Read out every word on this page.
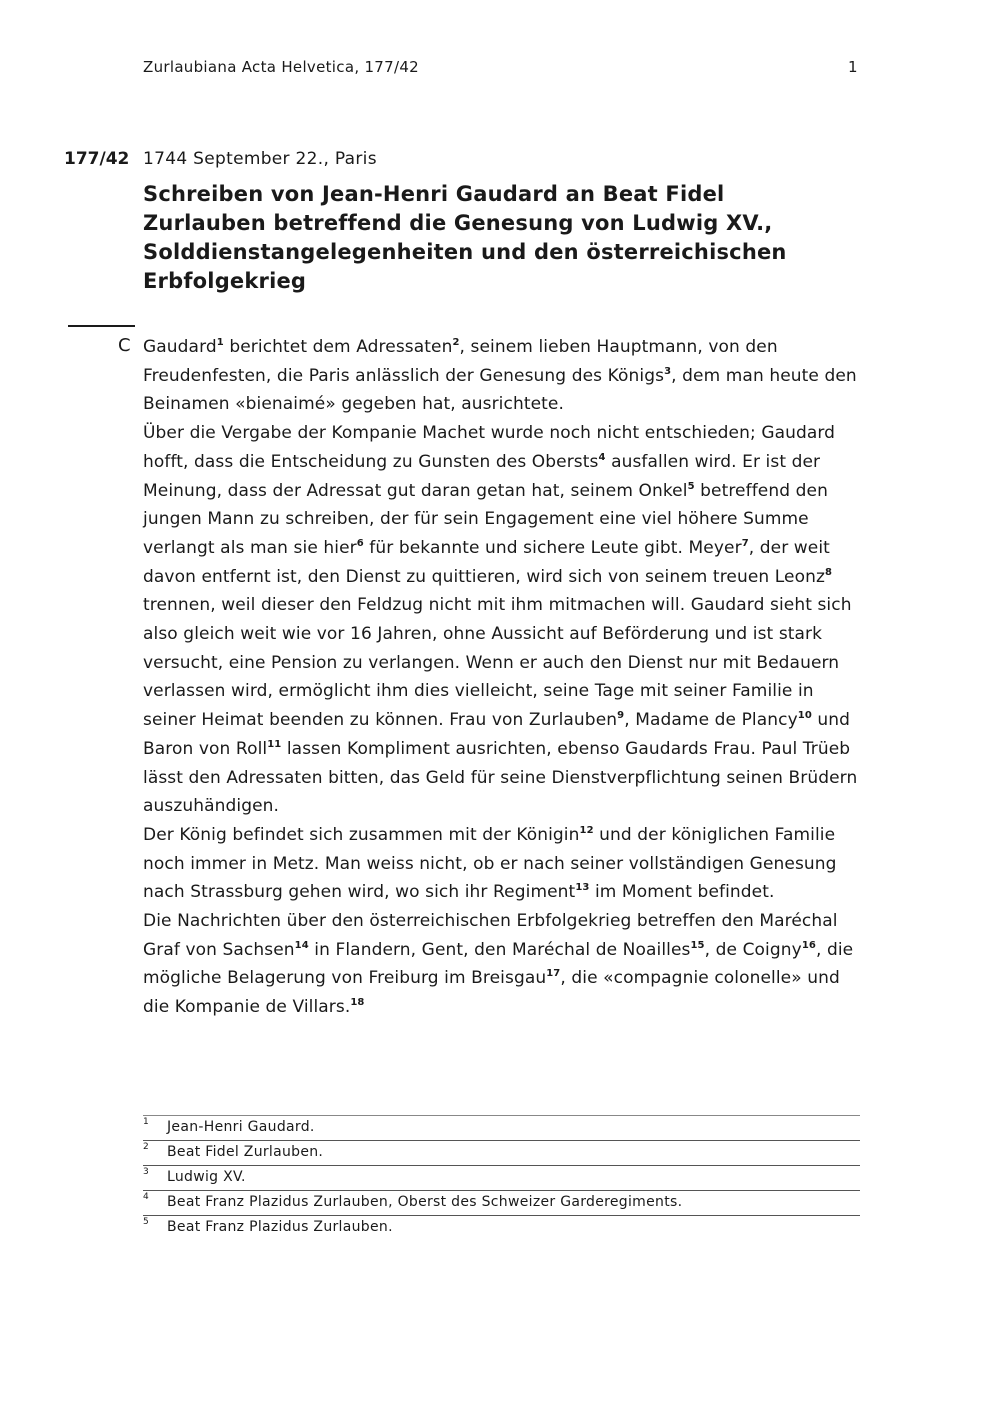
Zurlaubiana Acta Helvetica, 177/42	1
177/42 1744 September 22., Paris
Schreiben von Jean-Henri Gaudard an Beat Fidel Zurlauben betreffend die Genesung von Ludwig XV., Solddienstangelegenheiten und den österreichischen Erbfolgekrieg
C Gaudard$^1$ berichtet dem Adressaten$^2$, seinem lieben Hauptmann, von den Freudenfesten, die Paris anlässlich der Genesung des Königs$^3$, dem man heute den Beinamen «bienaimé» gegeben hat, ausrichtete.

Über die Vergabe der Kompanie Machet wurde noch nicht entschieden; Gaudard hofft, dass die Entscheidung zu Gunsten des Obersts$^4$ ausfallen wird. Er ist der Meinung, dass der Adressat gut daran getan hat, seinem Onkel$^5$ betreffend den jungen Mann zu schreiben, der für sein Engagement eine viel höhere Summe verlangt als man sie hier$^6$ für bekannte und sichere Leute gibt. Meyer$^7$, der weit davon entfernt ist, den Dienst zu quittieren, wird sich von seinem treuen Leonz$^8$ trennen, weil dieser den Feldzug nicht mit ihm mitmachen will. Gaudard sieht sich also gleich weit wie vor 16 Jahren, ohne Aussicht auf Beförderung und ist stark versucht, eine Pension zu verlangen. Wenn er auch den Dienst nur mit Bedauern verlassen wird, ermöglicht ihm dies vielleicht, seine Tage mit seiner Familie in seiner Heimat beenden zu können. Frau von Zurlauben$^9$, Madame de Plancy$^{10}$ und Baron von Roll$^{11}$ lassen Kompliment ausrichten, ebenso Gaudards Frau. Paul Trüeb lässt den Adressaten bitten, das Geld für seine Dienstverpflichtung seinen Brüdern auszuhändigen.

Der König befindet sich zusammen mit der Königin$^{12}$ und der königlichen Familie noch immer in Metz. Man weiss nicht, ob er nach seiner vollständigen Genesung nach Strassburg gehen wird, wo sich ihr Regiment$^{13}$ im Moment befindet.

Die Nachrichten über den österreichischen Erbfolgekrieg betreffen den Maréchal Graf von Sachsen$^{14}$ in Flandern, Gent, den Maréchal de Noailles$^{15}$, de Coigny$^{16}$, die mögliche Belagerung von Freiburg im Breisgau$^{17}$, die «compagnie colonelle» und die Kompanie de Villars.$^{18}$

1 Jean-Henri Gaudard.
2 Beat Fidel Zurlauben.
3 Ludwig XV.
4 Beat Franz Plazidus Zurlauben, Oberst des Schweizer Garderegiments.
5 Beat Franz Plazidus Zurlauben.
